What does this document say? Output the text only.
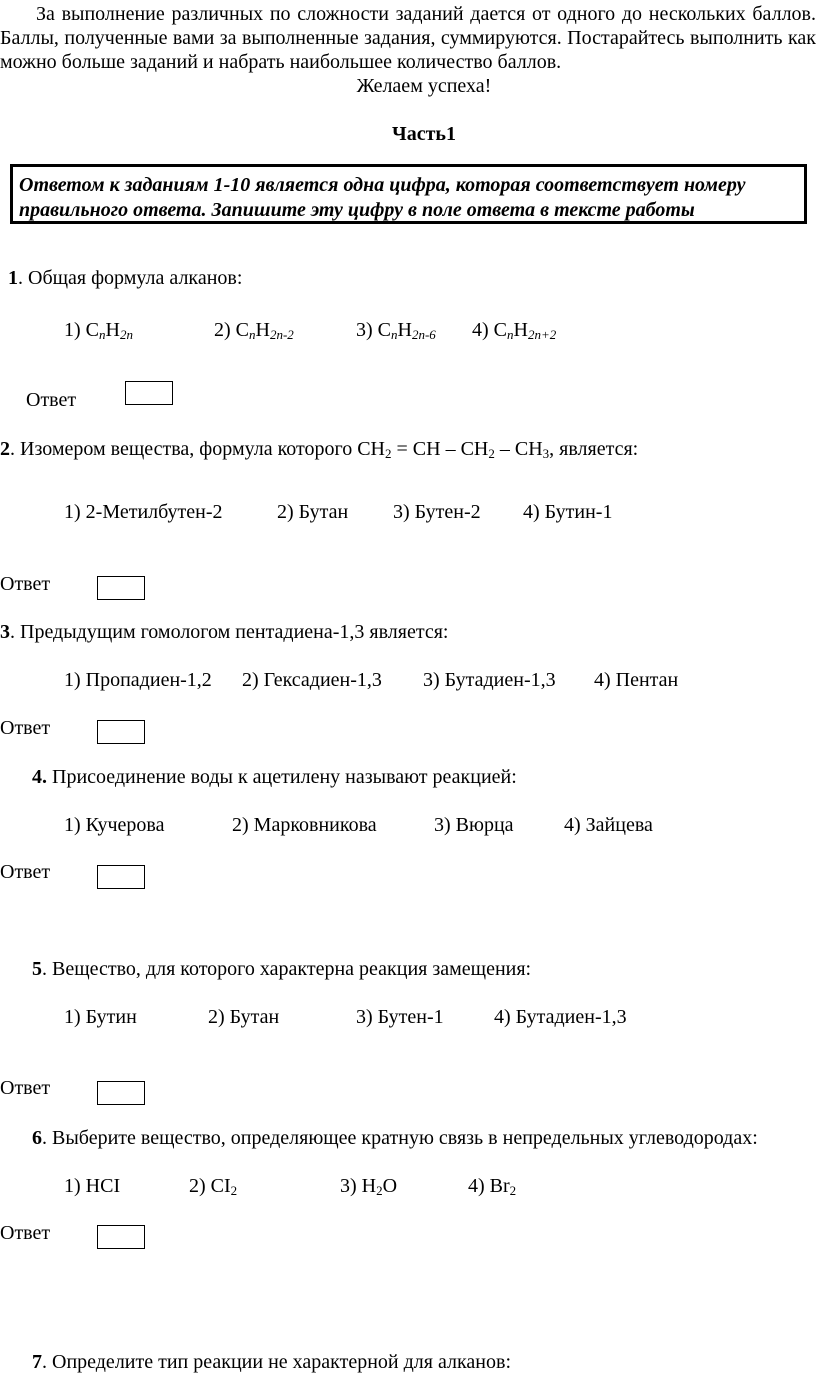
За выполнение различных по сложности заданий дается от одного до нескольких баллов. Баллы, полученные вами за выполненные задания, суммируются. Постарайтесь выполнить как можно больше заданий и набрать наибольшее количество баллов.

Желаем успеха!
Часть1
Ответом к заданиям 1-10 является одна цифра, которая соответствует номеру
правильного ответа. Запишите эту цифру в поле ответа в тексте работы
1. Общая формула алканов:
1) $C_nH_{2n}$	2) $C_nH_{2n-2}$	3) $C_nH_{2n-6}$ 4) $C_nH_{2n+2}$
Ответ
2. Изомером вещества, формула которого $СН_2$ = СН – $СН_2 - СН_3$, является:
1) 2-Метилбутен-2	2) Бутан 3) Бутен-2 4) Бутин-1
Ответ
3. Предыдущим гомологом пентадиена-1,3 является:
1) Пропадиен-1,2 2) Гексадиен-1,3 3) Бутадиен-1,3 4) Пентан
Ответ
4. Присоединение воды к ацетилену называют реакцией:
1) Кучерова	2) Марковникова	3) Вюрца	4) Зайцева
Ответ
5. Вещество, для которого характерна реакция замещения:
1) Бутин	2) Бутан	3) Бутен-1	4) Бутадиен-1,3
Ответ
6. Выберите вещество, определяющее кратную связь в непредельных углеводородах:
1) HCI	2) $CI_2$	3) $H_2O$	4) $Br_2$
Ответ
7. Определите тип реакции не характерной для алканов:
